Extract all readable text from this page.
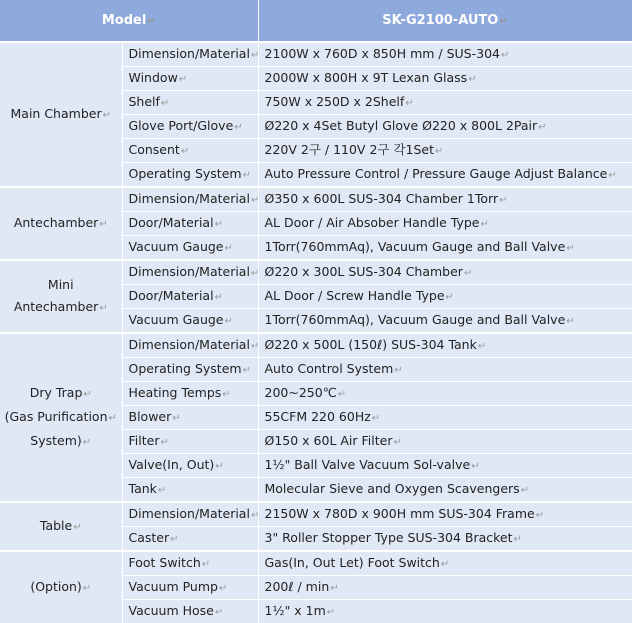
Model↵		SK-G2100-AUTO↵
Main Chamber↵	Dimension/Material↵	2100W x 760D x 850H mm / SUS-304↵
	Window↵	2000W x 800H x 9T Lexan Glass↵
	Shelf↵	750W x 250D x 2Shelf↵
	Glove Port/Glove↵	Ø220 x 4Set Butyl Glove Ø220 x 800L 2Pair↵
	Consent↵	220V 2구 / 110V 2구 각1Set↵
	Operating System↵	Auto Pressure Control / Pressure Gauge Adjust Balance↵
Antechamber↵	Dimension/Material↵	Ø350 x 600L SUS-304 Chamber 1Torr↵
	Door/Material↵	AL Door / Air Absober Handle Type↵
	Vacuum Gauge↵	1Torr(760mmAq), Vacuum Gauge and Ball Valve↵
Mini Antechamber↵	Dimension/Material↵	Ø220 x 300L SUS-304 Chamber↵
	Door/Material↵	AL Door / Screw Handle Type↵
	Vacuum Gauge↵	1Torr(760mmAq), Vacuum Gauge and Ball Valve↵

Dry Trap↵
(Gas Purification↵
System)↵	Dimension/Material↵	Ø220 x 500L (150ℓ) SUS-304 Tank↵
	Operating System↵	Auto Control System↵
	Heating Temps↵	200~250℃↵
	Blower↵	55CFM 220 60Hz↵
	Filter↵	Ø150 x 60L Air Filter↵
	Valve(In, Out)↵	1½" Ball Valve Vacuum Sol-valve↵
	Tank↵	Molecular Sieve and Oxygen Scavengers↵
Table↵	Dimension/Material↵	2150W x 780D x 900H mm SUS-304 Frame↵
	Caster↵	3" Roller Stopper Type SUS-304 Bracket↵
(Option)↵	Foot Switch↵	Gas(In, Out Let) Foot Switch↵
	Vacuum Pump↵	200ℓ / min↵
	Vacuum Hose↵	1½" x 1m↵
